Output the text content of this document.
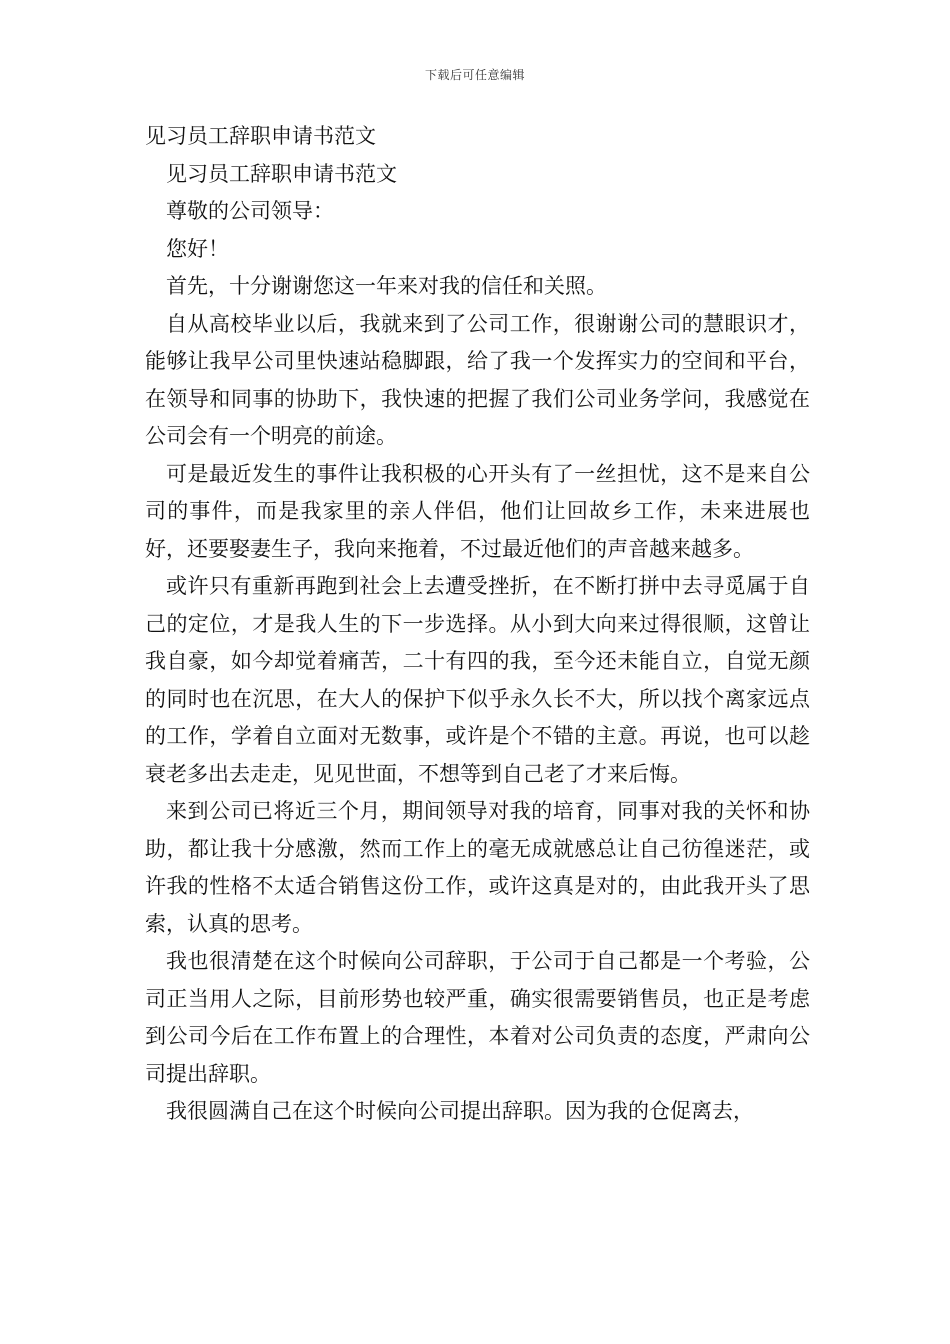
下载后可任意编辑
见习员工辞职申请书范文
见习员工辞职申请书范文
尊敬的公司领导：
您好！
首先，十分谢谢您这一年来对我的信任和关照。

自从高校毕业以后，我就来到了公司工作，很谢谢公司的慧眼识才，能够让我早公司里快速站稳脚跟，给了我一个发挥实力的空间和平台，在领导和同事的协助下，我快速的把握了我们公司业务学问，我感觉在公司会有一个明亮的前途。

可是最近发生的事件让我积极的心开头有了一丝担忧，这不是来自公司的事件，而是我家里的亲人伴侣，他们让回故乡工作，未来进展也好，还要娶妻生子，我向来拖着，不过最近他们的声音越来越多。

或许只有重新再跑到社会上去遭受挫折，在不断打拼中去寻觅属于自己的定位，才是我人生的下一步选择。从小到大向来过得很顺，这曾让我自豪，如今却觉着痛苦，二十有四的我，至今还未能自立，自觉无颜的同时也在沉思，在大人的保护下似乎永久长不大，所以找个离家远点的工作，学着自立面对无数事，或许是个不错的主意。再说，也可以趁衰老多出去走走，见见世面，不想等到自己老了才来后悔。

来到公司已将近三个月，期间领导对我的培育，同事对我的关怀和协助，都让我十分感激，然而工作上的毫无成就感总让自己彷徨迷茫，或许我的性格不太适合销售这份工作，或许这真是对的，由此我开头了思索，认真的思考。

我也很清楚在这个时候向公司辞职，于公司于自己都是一个考验，公司正当用人之际，目前形势也较严重，确实很需要销售员，也正是考虑到公司今后在工作布置上的合理性，本着对公司负责的态度，严肃向公司提出辞职。

我很圆满自己在这个时候向公司提出辞职。因为我的仓促离去，
